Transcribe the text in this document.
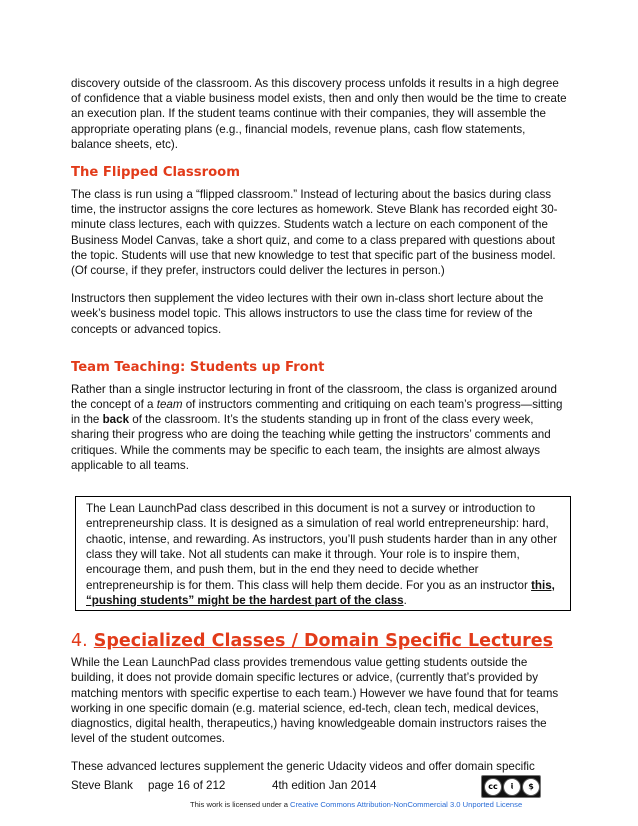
discovery outside of the classroom. As this discovery process unfolds it results in a high degree of confidence that a viable business model exists, then and only then would be the time to create an execution plan. If the student teams continue with their companies, they will assemble the appropriate operating plans (e.g., financial models, revenue plans, cash flow statements, balance sheets, etc).

The Flipped Classroom

The class is run using a “flipped classroom.” Instead of lecturing about the basics during class time, the instructor assigns the core lectures as homework. Steve Blank has recorded eight 30-minute class lectures, each with quizzes. Students watch a lecture on each component of the Business Model Canvas, take a short quiz, and come to a class prepared with questions about the topic. Students will use that new knowledge to test that specific part of the business model. (Of course, if they prefer, instructors could deliver the lectures in person.)

Instructors then supplement the video lectures with their own in-class short lecture about the week’s business model topic. This allows instructors to use the class time for review of the concepts or advanced topics.

Team Teaching: Students up Front

Rather than a single instructor lecturing in front of the classroom, the class is organized around the concept of a team of instructors commenting and critiquing on each team’s progress—sitting in the back of the classroom. It’s the students standing up in front of the class every week, sharing their progress who are doing the teaching while getting the instructors’ comments and critiques. While the comments may be specific to each team, the insights are almost always applicable to all teams.

The Lean LaunchPad class described in this document is not a survey or introduction to entrepreneurship class. It is designed as a simulation of real world entrepreneurship: hard, chaotic, intense, and rewarding. As instructors, you’ll push students harder than in any other class they will take. Not all students can make it through. Your role is to inspire them, encourage them, and push them, but in the end they need to decide whether entrepreneurship is for them. This class will help them decide. For you as an instructor this, “pushing students” might be the hardest part of the class.

4. Specialized Classes / Domain Specific Lectures

While the Lean LaunchPad class provides tremendous value getting students outside the building, it does not provide domain specific lectures or advice, (currently that’s provided by matching mentors with specific expertise to each team.) However we have found that for teams working in one specific domain (e.g. material science, ed-tech, clean tech, medical devices, diagnostics, digital health, therapeutics,) having knowledgeable domain instructors raises the level of the student outcomes.

These advanced lectures supplement the generic Udacity videos and offer domain specific

Steve Blank page 16 of 212	4th edition Jan 2014	cc	i	$
BY NC
This work is licensed under a Creative Commons Attribution-NonCommercial 3.0 Unported License
